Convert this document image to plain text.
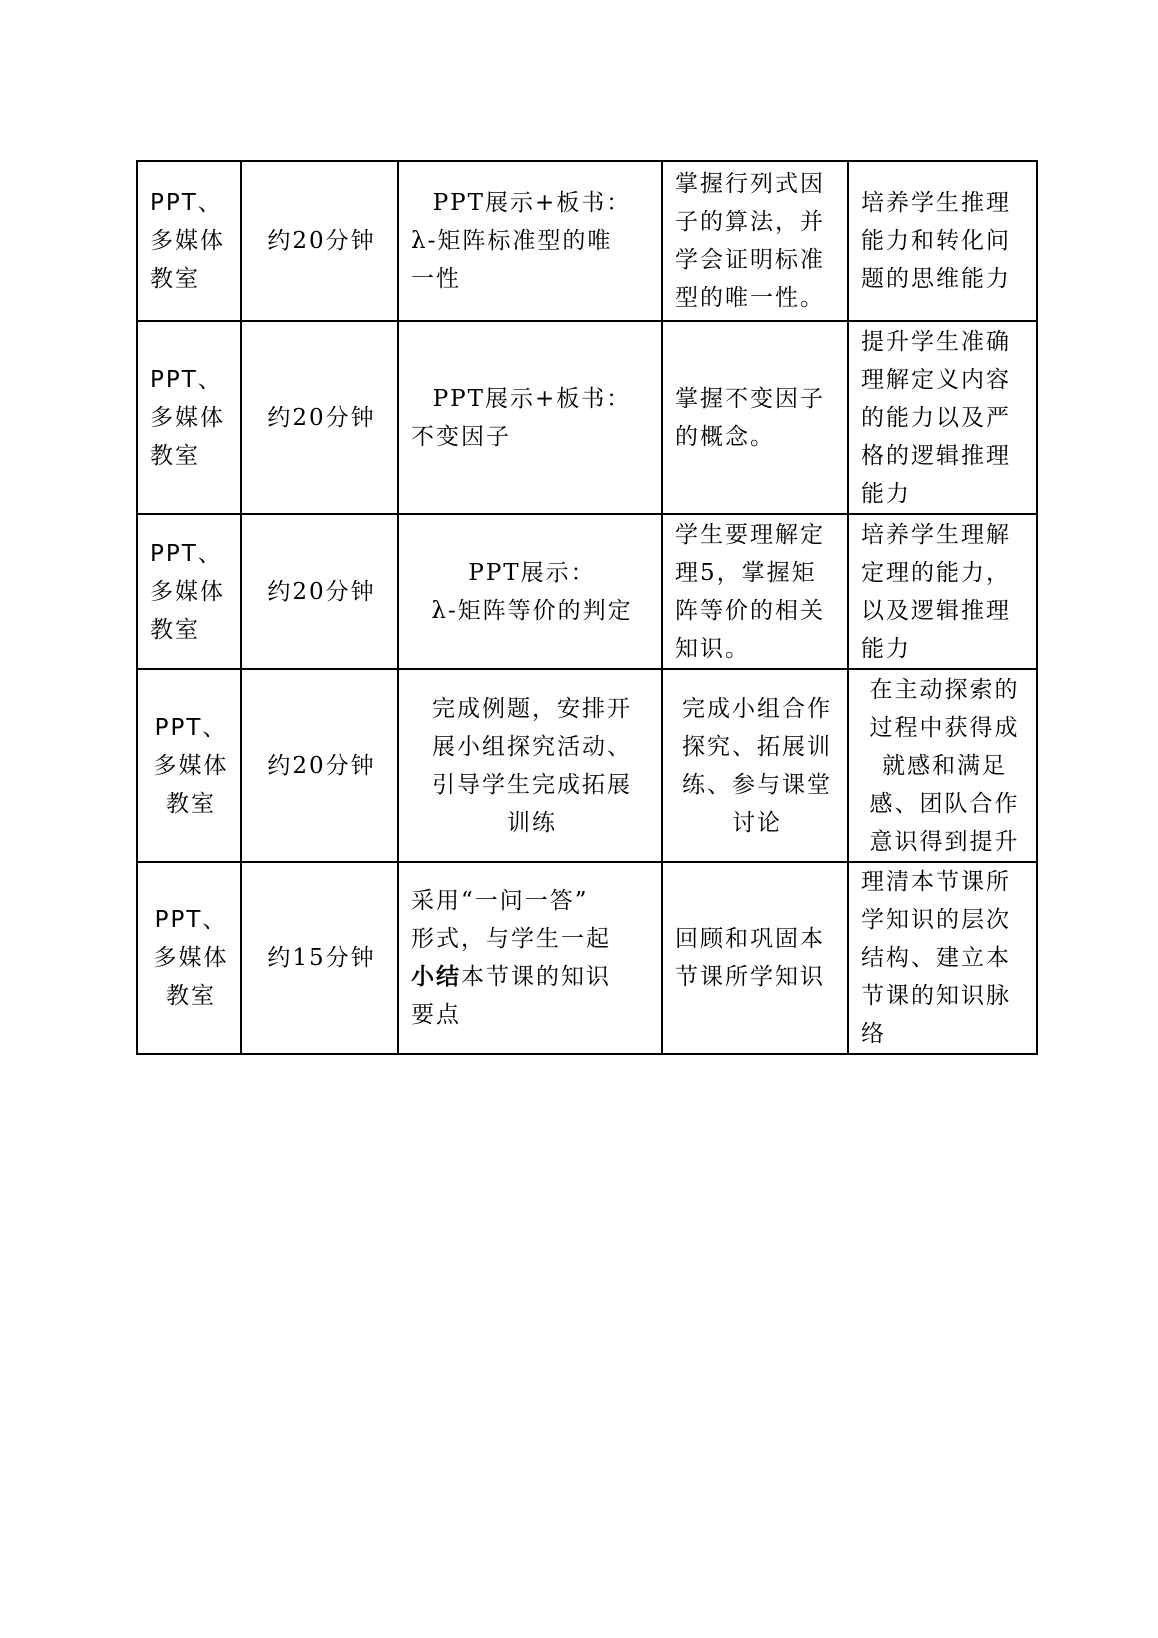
PPT、
多媒体
教室	约20分钟	PPT展示+板书：
λ-矩阵标准型的唯
一性	掌握行列式因
子的算法，并
学会证明标准
型的唯一性。	培养学生推理
能力和转化问
题的思维能力

PPT、
多媒体
教室	约20分钟	PPT展示+板书：
不变因子	掌握不变因子
的概念。	提升学生准确
理解定义内容
的能力以及严
格的逻辑推理
能力

PPT、
多媒体
教室	约20分钟	PPT展示：
λ-矩阵等价的判定	学生要理解定
理5，掌握矩
阵等价的相关
知识。	培养学生理解
定理的能力，
以及逻辑推理
能力

PPT、
多媒体
教室	约20分钟	完成例题，安排开
展小组探究活动、
引导学生完成拓展
训练	完成小组合作
探究、拓展训
练、参与课堂
讨论	在主动探索的
过程中获得成
就感和满足
感、团队合作
意识得到提升

PPT、
多媒体
教室	约15分钟	采用“一问一答”
形式，与学生一起
小结本节课的知识
要点	回顾和巩固本
节课所学知识	理清本节课所
学知识的层次
结构、建立本
节课的知识脉
络
